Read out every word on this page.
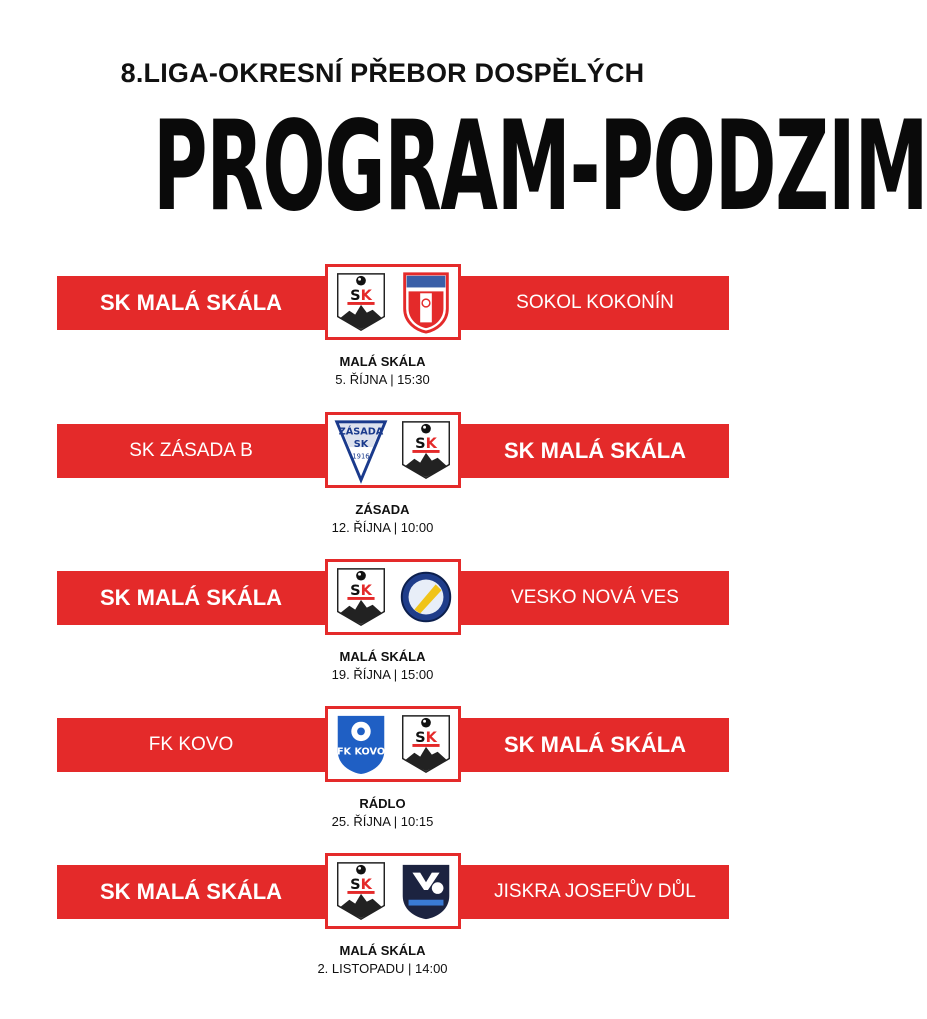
8.LIGA-OKRESNÍ PŘEBOR DOSPĚLÝCH
PROGRAM-PODZIM
SK MALÁ SKÁLA	SOKOL KOKONÍN
MALÁ SKÁLA
5. ŘÍJNA | 15:30
SK ZÁSADA B	SK MALÁ SKÁLA
ZÁSADA
SK
1916
ZÁSADA
12. ŘÍJNA | 10:00
SK MALÁ SKÁLA	VESKO NOVÁ VES
MALÁ SKÁLA
19. ŘÍJNA | 15:00
FK KOVO	SK MALÁ SKÁLA
FK KOVO
RÁDLO
25. ŘÍJNA | 10:15
SK MALÁ SKÁLA	JISKRA JOSEFŮV DŮL
MALÁ SKÁLA
2. LISTOPADU | 14:00
